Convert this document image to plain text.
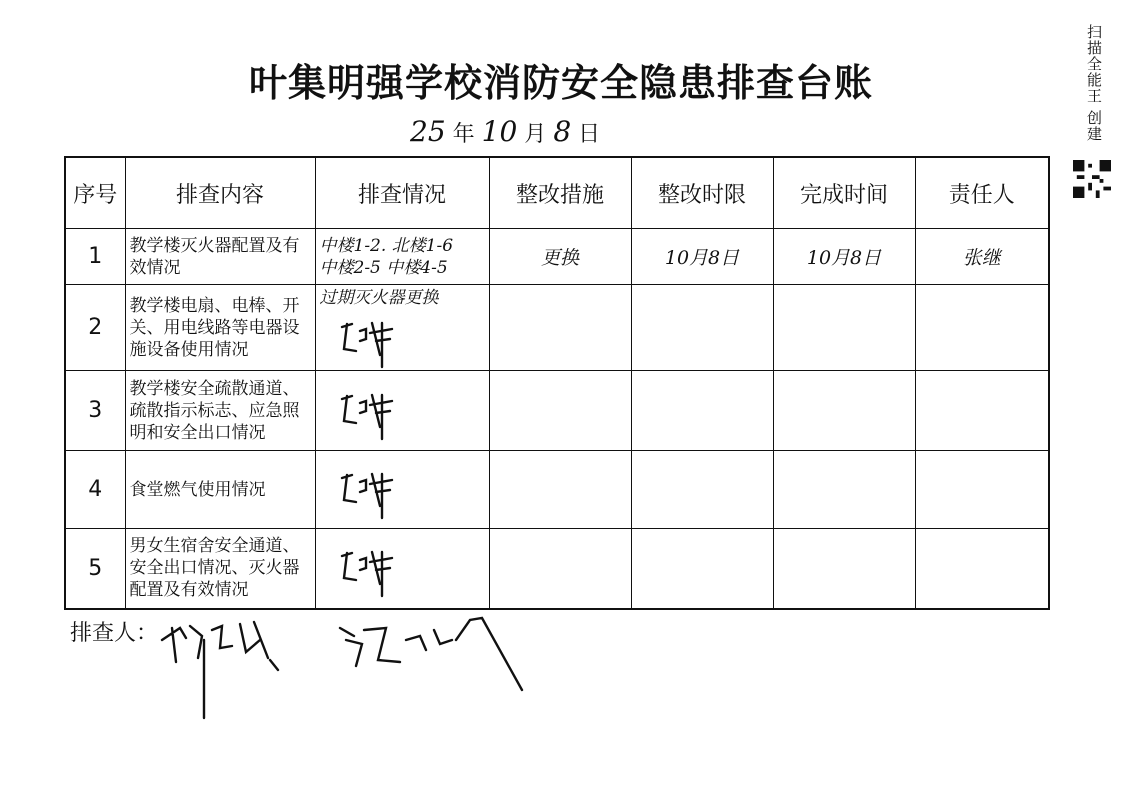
叶集明强学校消防安全隐患排查台账
25 年 10 月 8 日	扫描全能王 创建
序号	排查内容	排查情况	整改措施	整改时限	完成时间	责任人
1	教学楼灭火器配置及有效情况	中楼1-2. 北楼1-6
中楼2-5 中楼4-5	更换	10月8日	10月8日	张继
2	教学楼电扇、电棒、开关、用电线路等电器设施设备使用情况	过期灭火器更换				

3	教学楼安全疏散通道、疏散指示标志、应急照明和安全出口情况

4	食堂燃气使用情况	

5	男女生宿舍安全通道、安全出口情况、灭火器配置及有效情况	

排查人：
